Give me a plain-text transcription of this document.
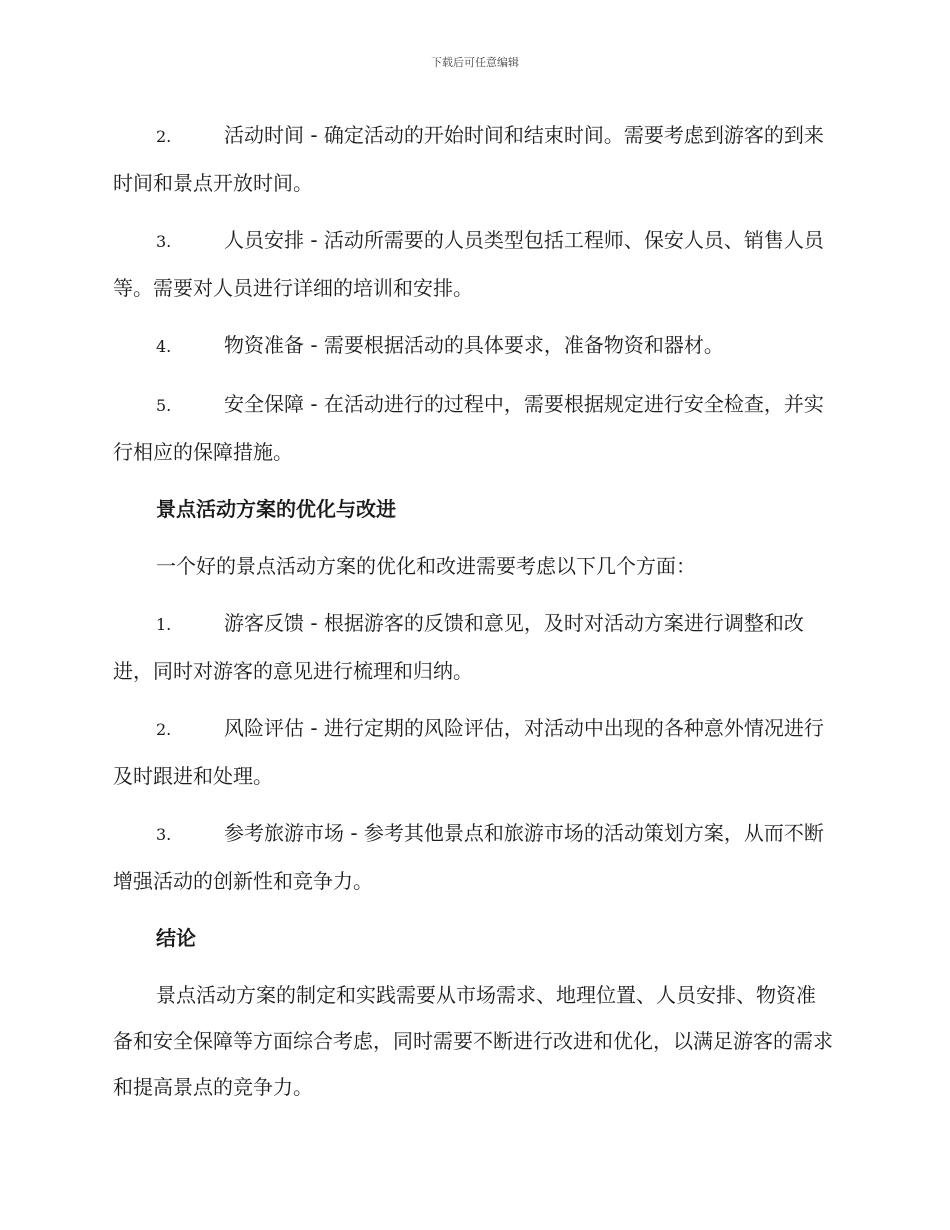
下载后可任意编辑
2.	活动时间 - 确定活动的开始时间和结束时间。需要考虑到游客的到来时间和景点开放时间。
3.	人员安排 - 活动所需要的人员类型包括工程师、保安人员、销售人员等。需要对人员进行详细的培训和安排。
4.	物资准备 - 需要根据活动的具体要求，准备物资和器材。
5.	安全保障 - 在活动进行的过程中，需要根据规定进行安全检查，并实行相应的保障措施。
景点活动方案的优化与改进
一个好的景点活动方案的优化和改进需要考虑以下几个方面：
1.	游客反馈 - 根据游客的反馈和意见，及时对活动方案进行调整和改进，同时对游客的意见进行梳理和归纳。
2.	风险评估 - 进行定期的风险评估，对活动中出现的各种意外情况进行及时跟进和处理。
3.	参考旅游市场 - 参考其他景点和旅游市场的活动策划方案，从而不断增强活动的创新性和竞争力。
结论
景点活动方案的制定和实践需要从市场需求、地理位置、人员安排、物资准备和安全保障等方面综合考虑，同时需要不断进行改进和优化，以满足游客的需求和提高景点的竞争力。
